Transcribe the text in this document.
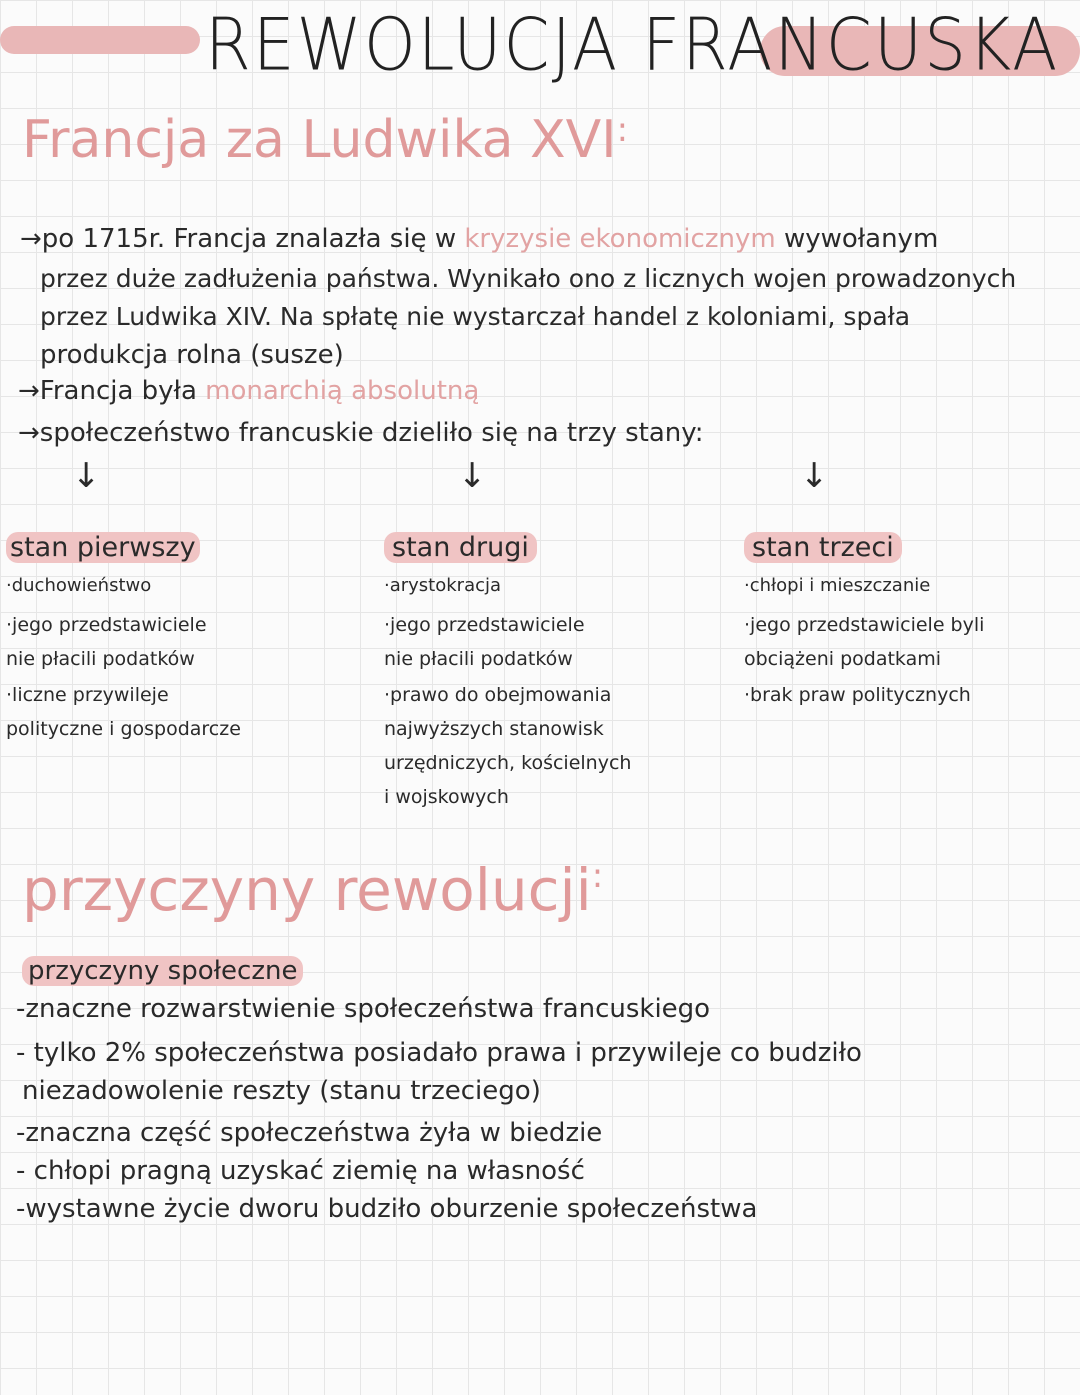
REWOLUCJA FRANCUSKA
Francja za Ludwika XVI:
→po 1715r. Francja znalazła się w kryzysie ekonomicznym wywołanym
przez duże zadłużenia państwa. Wynikało ono z licznych wojen prowadzonych
przez Ludwika XIV. Na spłatę nie wystarczał handel z koloniami, spała
produkcja rolna (susze)
→Francja była monarchią absolutną
→społeczeństwo francuskie dzieliło się na trzy stany:
↓	↓	↓
stan pierwszy
·duchowieństwo
·jego przedstawiciele
nie płacili podatków
·liczne przywileje
polityczne i gospodarcze
stan drugi
·arystokracja
·jego przedstawiciele
nie płacili podatków
·prawo do obejmowania
najwyższych stanowisk
urzędniczych, kościelnych
i wojskowych
stan trzeci
·chłopi i mieszczanie
·jego przedstawiciele byli
obciążeni podatkami
·brak praw politycznych
przyczyny rewolucji:
przyczyny społeczne
-znaczne rozwarstwienie społeczeństwa francuskiego
- tylko 2% społeczeństwa posiadało prawa i przywileje co budziło
niezadowolenie reszty (stanu trzeciego)
-znaczna część społeczeństwa żyła w biedzie
- chłopi pragną uzyskać ziemię na własność
-wystawne życie dworu budziło oburzenie społeczeństwa
